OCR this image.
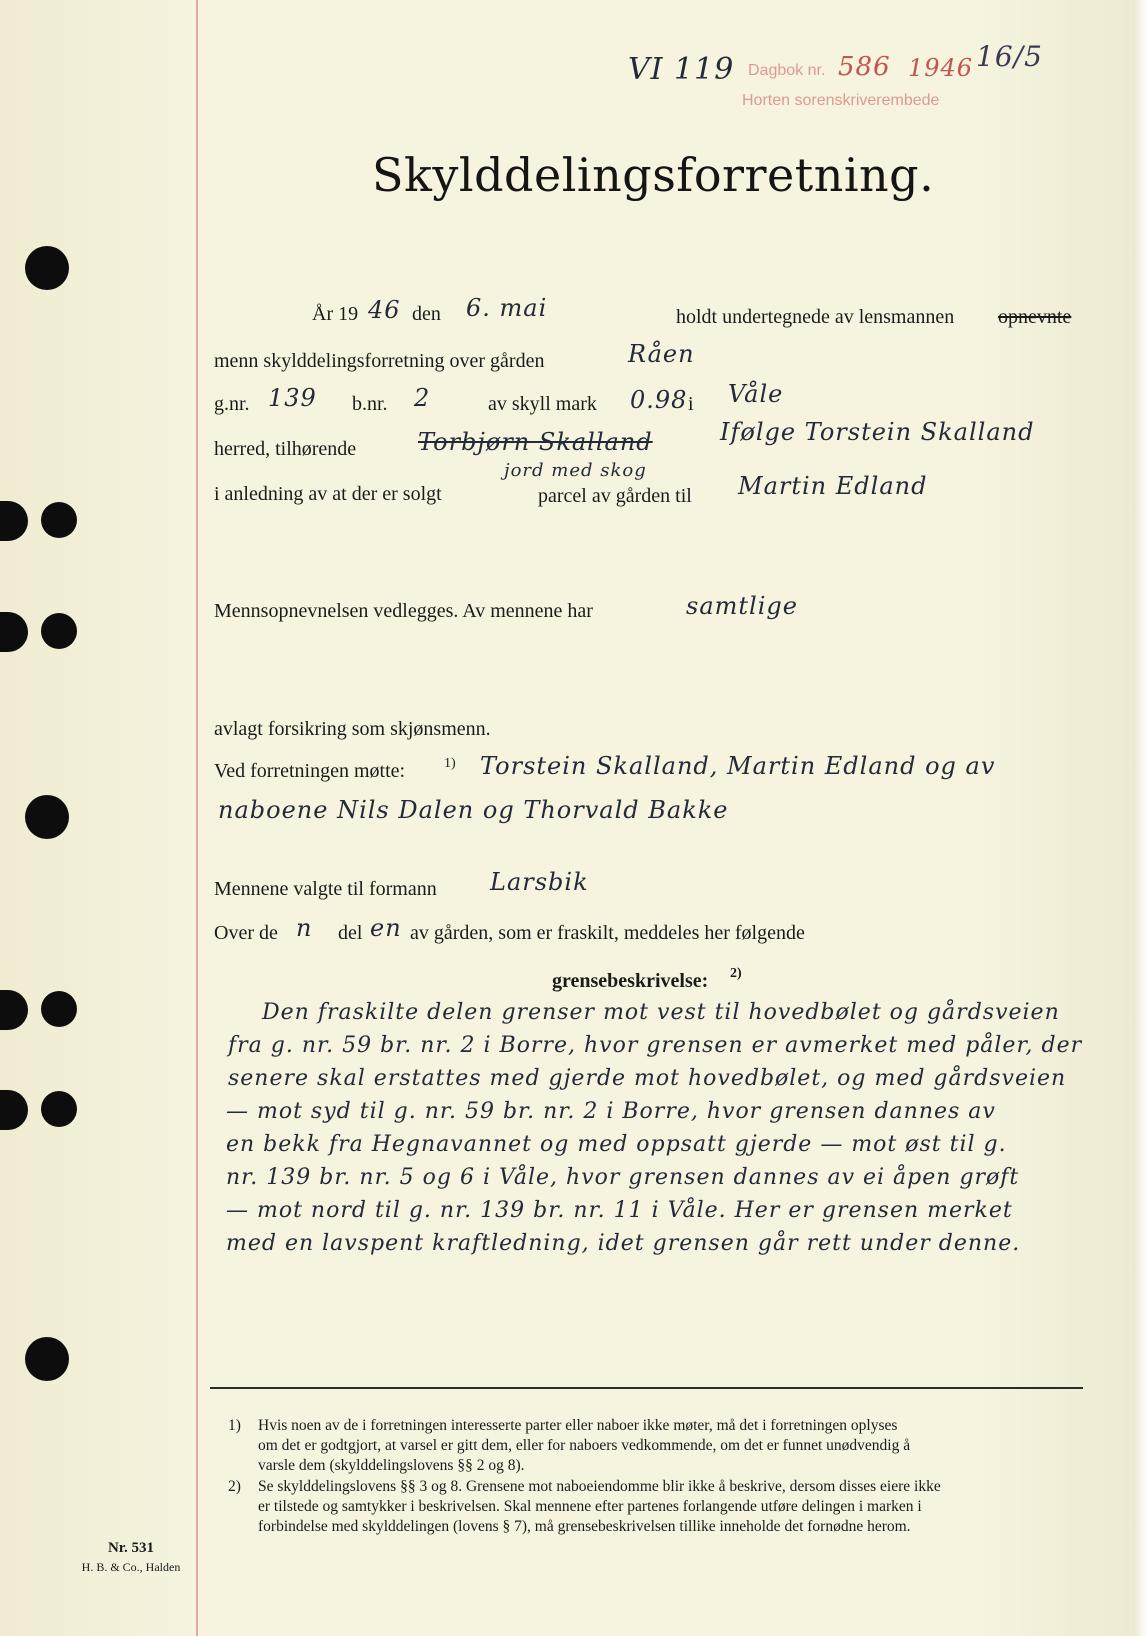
VI 119 Dagbok nr. 586 1946 16/5
Horten sorenskriverembede
Skylddelingsforretning.
År 19 46 den 6. mai	holdt undertegnede av lensmannen opnevnte
menn skylddelingsforretning over gården	Råen
g.nr. 139 b.nr. 2	av skyll mark 0.98 i Våle
herred, tilhørende	Torbjørn Skalland	Ifølge Torstein Skalland
jord med skog
i anledning av at der er solgt	parcel av gården til Martin Edland
Mennsopnevnelsen vedlegges. Av mennene har	samtlige
avlagt forsikring som skjønsmenn.
Ved forretningen møtte:	1) Torstein Skalland, Martin Edland og av
naboene Nils Dalen og Thorvald Bakke
Mennene valgte til formann Larsbik
Over de n del en av gården, som er fraskilt, meddeles her følgende
grensebeskrivelse: 2)
Den fraskilte delen grenser mot vest til hovedbølet og gårdsveien
fra g. nr. 59 br. nr. 2 i Borre, hvor grensen er avmerket med påler, der
senere skal erstattes med gjerde mot hovedbølet, og med gårdsveien
— mot syd til g. nr. 59 br. nr. 2 i Borre, hvor grensen dannes av
en bekk fra Hegnavannet og med oppsatt gjerde — mot øst til g.
nr. 139 br. nr. 5 og 6 i Våle, hvor grensen dannes av ei åpen grøft
— mot nord til g. nr. 139 br. nr. 11 i Våle. Her er grensen merket
med en lavspent kraftledning, idet grensen går rett under denne.
1) Hvis noen av de i forretningen interesserte parter eller naboer ikke møter, må det i forretningen oplyses
om det er godtgjort, at varsel er gitt dem, eller for naboers vedkommende, om det er funnet unødvendig å
varsle dem (skylddelingslovens §§ 2 og 8).
2) Se skylddelingslovens §§ 3 og 8. Grensene mot naboeiendomme blir ikke å beskrive, dersom disses eiere ikke
er tilstede og samtykker i beskrivelsen. Skal mennene efter partenes forlangende utføre delingen i marken i
forbindelse med skylddelingen (lovens § 7), må grensebeskrivelsen tillike inneholde det fornødne herom.
Nr. 531
H. B. & Co., Halden
